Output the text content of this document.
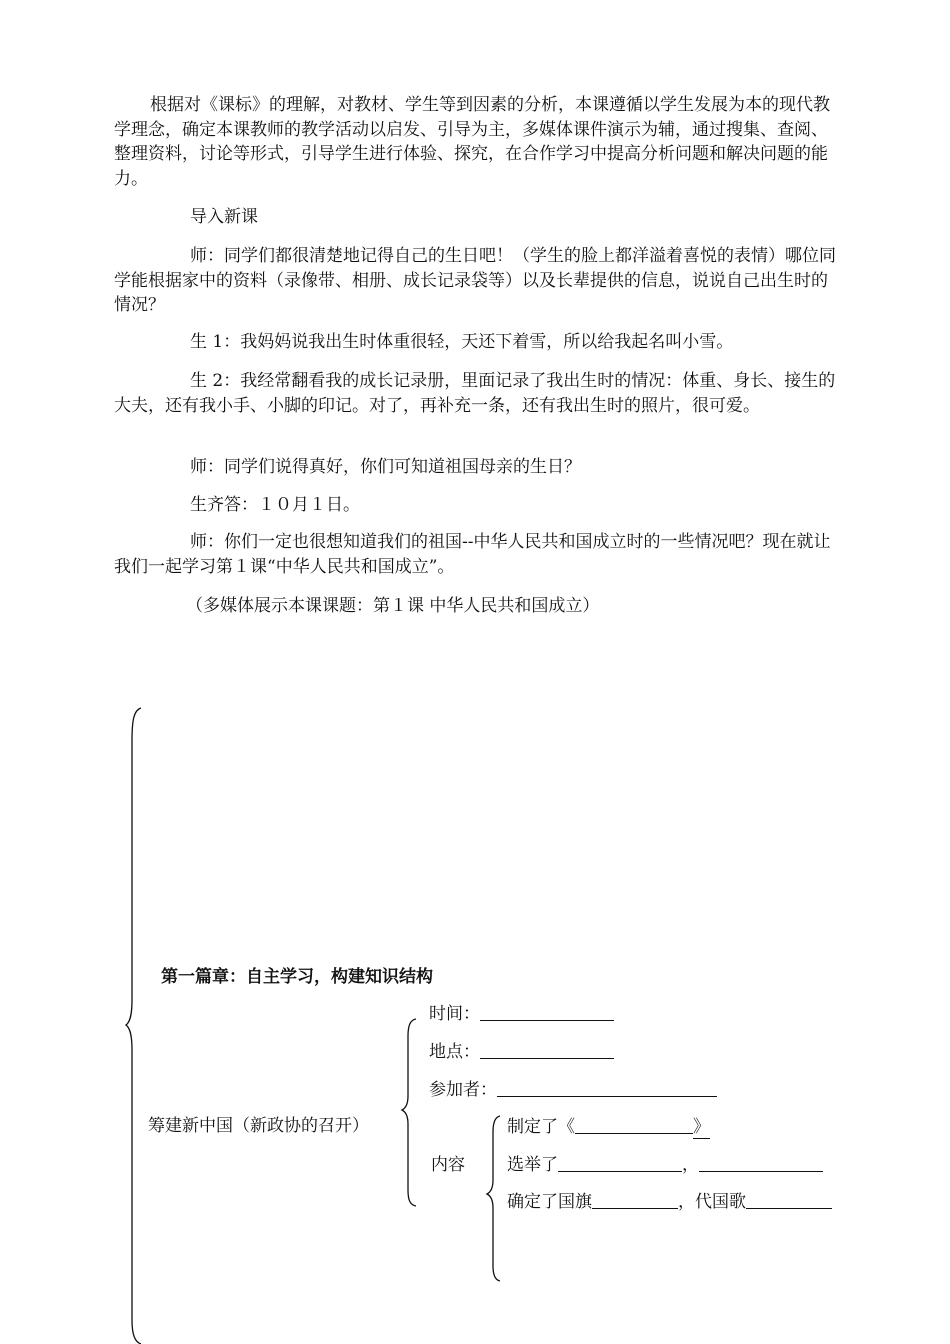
根据对《课标》的理解，对教材、学生等到因素的分析，本课遵循以学生发展为本的现代教学理念，确定本课教师的教学活动以启发、引导为主，多媒体课件演示为辅，通过搜集、查阅、整理资料，讨论等形式，引导学生进行体验、探究，在合作学习中提高分析问题和解决问题的能力。

导入新课

师：同学们都很清楚地记得自己的生日吧！（学生的脸上都洋溢着喜悦的表情）哪位同学能根据家中的资料（录像带、相册、成长记录袋等）以及长辈提供的信息，说说自己出生时的情况？

生 1：我妈妈说我出生时体重很轻，天还下着雪，所以给我起名叫小雪。

生 2：我经常翻看我的成长记录册，里面记录了我出生时的情况：体重、身长、接生的大夫，还有我小手、小脚的印记。对了，再补充一条，还有我出生时的照片，很可爱。

师：同学们说得真好，你们可知道祖国母亲的生日？

生齐答：１０月１日。

师：你们一定也很想知道我们的祖国--中华人民共和国成立时的一些情况吧？现在就让我们一起学习第１课“中华人民共和国成立”。

（多媒体展示本课课题：第１课 中华人民共和国成立）

第一篇章：自主学习，构建知识结构
时间：
地点：
参加者：
筹建新中国（新政协的召开）
内容
制定了《	》
选举了	，
确定了国旗	，代国歌
